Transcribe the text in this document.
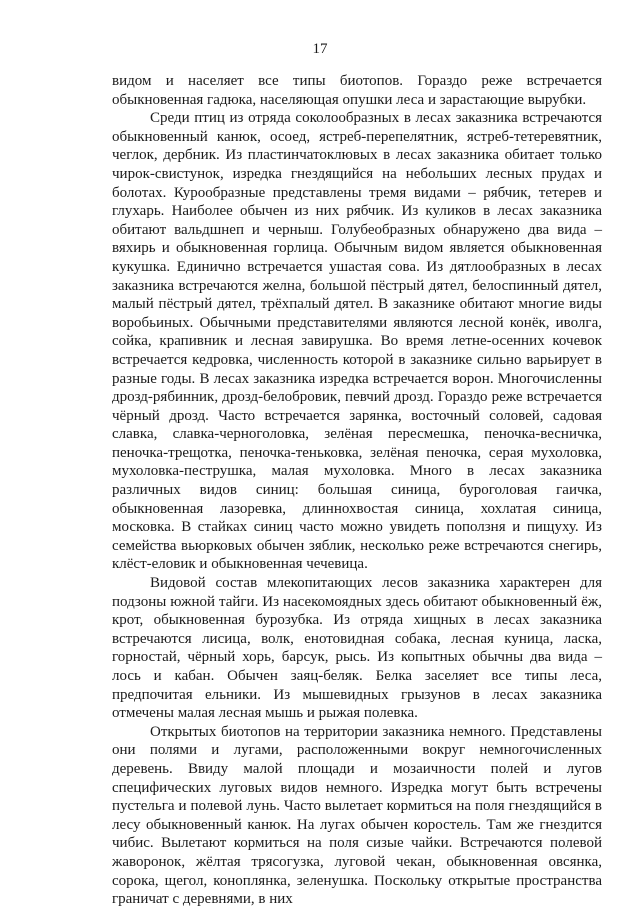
17

видом и населяет все типы биотопов. Гораздо реже встречается обыкновенная гадюка, населяющая опушки леса и зарастающие вырубки.

Среди птиц из отряда соколообразных в лесах заказника встречаются обыкновенный канюк, осоед, ястреб-перепелятник, ястреб-тетеревятник, чеглок, дербник. Из пластинчатоклювых в лесах заказника обитает только чирок-свистунок, изредка гнездящийся на небольших лесных прудах и болотах. Курообразные представлены тремя видами – рябчик, тетерев и глухарь. Наиболее обычен из них рябчик. Из куликов в лесах заказника обитают вальдшнеп и черныш. Голубеобразных обнаружено два вида – вяхирь и обыкновенная горлица. Обычным видом является обыкновенная кукушка. Единично встречается ушастая сова. Из дятлообразных в лесах заказника встречаются желна, большой пёстрый дятел, белоспинный дятел, малый пёстрый дятел, трёхпалый дятел. В заказнике обитают многие виды воробьиных. Обычными представителями являются лесной конёк, иволга, сойка, крапивник и лесная завирушка. Во время летне-осенних кочевок встречается кедровка, численность которой в заказнике сильно варьирует в разные годы. В лесах заказника изредка встречается ворон. Многочисленны дрозд-рябинник, дрозд-белобровик, певчий дрозд. Гораздо реже встречается чёрный дрозд. Часто встречается зарянка, восточный соловей, садовая славка, славка-черноголовка, зелёная пересмешка, пеночка-весничка, пеночка-трещотка, пеночка-теньковка, зелёная пеночка, серая мухоловка, мухоловка-пеструшка, малая мухоловка. Много в лесах заказника различных видов синиц: большая синица, буроголовая гаичка, обыкновенная лазоревка, длиннохвостая синица, хохлатая синица, московка. В стайках синиц часто можно увидеть поползня и пищуху. Из семейства вьюрковых обычен зяблик, несколько реже встречаются снегирь, клёст-еловик и обыкновенная чечевица.

Видовой состав млекопитающих лесов заказника характерен для подзоны южной тайги. Из насекомоядных здесь обитают обыкновенный ёж, крот, обыкновенная бурозубка. Из отряда хищных в лесах заказника встречаются лисица, волк, енотовидная собака, лесная куница, ласка, горностай, чёрный хорь, барсук, рысь. Из копытных обычны два вида – лось и кабан. Обычен заяц-беляк. Белка заселяет все типы леса, предпочитая ельники. Из мышевидных грызунов в лесах заказника отмечены малая лесная мышь и рыжая полевка.

Открытых биотопов на территории заказника немного. Представлены они полями и лугами, расположенными вокруг немногочисленных деревень. Ввиду малой площади и мозаичности полей и лугов специфических луговых видов немного. Изредка могут быть встречены пустельга и полевой лунь. Часто вылетает кормиться на поля гнездящийся в лесу обыкновенный канюк. На лугах обычен коростель. Там же гнездится чибис. Вылетают кормиться на поля сизые чайки. Встречаются полевой жаворонок, жёлтая трясогузка, луговой чекан, обыкновенная овсянка, сорока, щегол, коноплянка, зеленушка. Поскольку открытые пространства граничат с деревнями, в них
